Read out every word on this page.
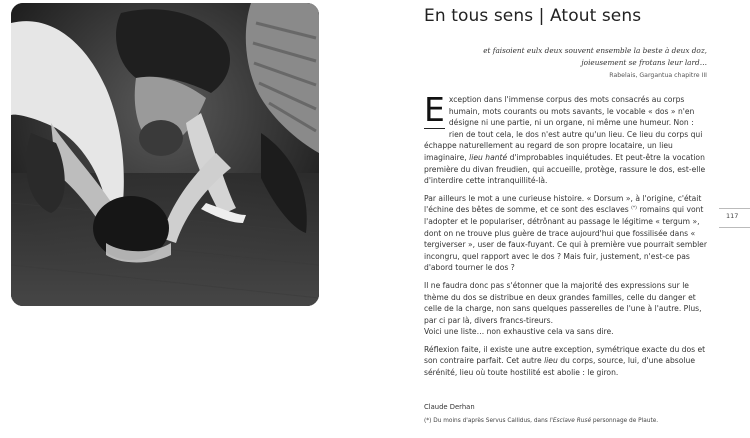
En tous sens | Atout sens
et faisoient eulx deux souvent ensemble la beste à deux doz,
joieusement se frotans leur lard…
Rabelais, Gargantua chapitre III

E xception dans l'immense corpus des mots consacrés au corps humain, mots courants ou mots savants, le vocable « dos » n'en désigne ni une partie, ni un organe, ni même une humeur. Non : rien de tout cela, le dos n'est autre qu'un lieu. Ce lieu du corps qui échappe naturellement au regard de son propre locataire, un lieu imaginaire, lieu hanté d'improbables inquiétudes. Et peut-être la vocation première du divan freudien, qui accueille, protège, rassure le dos, est-elle d'interdire cette intranquillité-là.

Par ailleurs le mot a une curieuse histoire. « Dorsum », à l'origine, c'était l'échine des bêtes de somme, et ce sont des esclaves (*) romains qui vont l'adopter et le populariser, détrônant au passage le légitime « tergum », dont on ne trouve plus guère de trace aujourd'hui que fossilisée dans « tergiverser », user de faux-fuyant. Ce qui à première vue pourrait sembler incongru, quel rapport avec le dos ? Mais fuir, justement, n'est-ce pas d'abord tourner le dos ?

Il ne faudra donc pas s'étonner que la majorité des expressions sur le thème du dos se distribue en deux grandes familles, celle du danger et celle de la charge, non sans quelques passerelles de l'une à l'autre. Plus, par ci par là, divers francs-tireurs.
Voici une liste… non exhaustive cela va sans dire.

Réflexion faite, il existe une autre exception, symétrique exacte du dos et son contraire parfait. Cet autre lieu du corps, source, lui, d'une absolue sérénité, lieu où toute hostilité est abolie : le giron.

117
Claude Derhan
(*) Du moins d'après Servus Callidus, dans l'Esclave Rusé personnage de Plaute.
